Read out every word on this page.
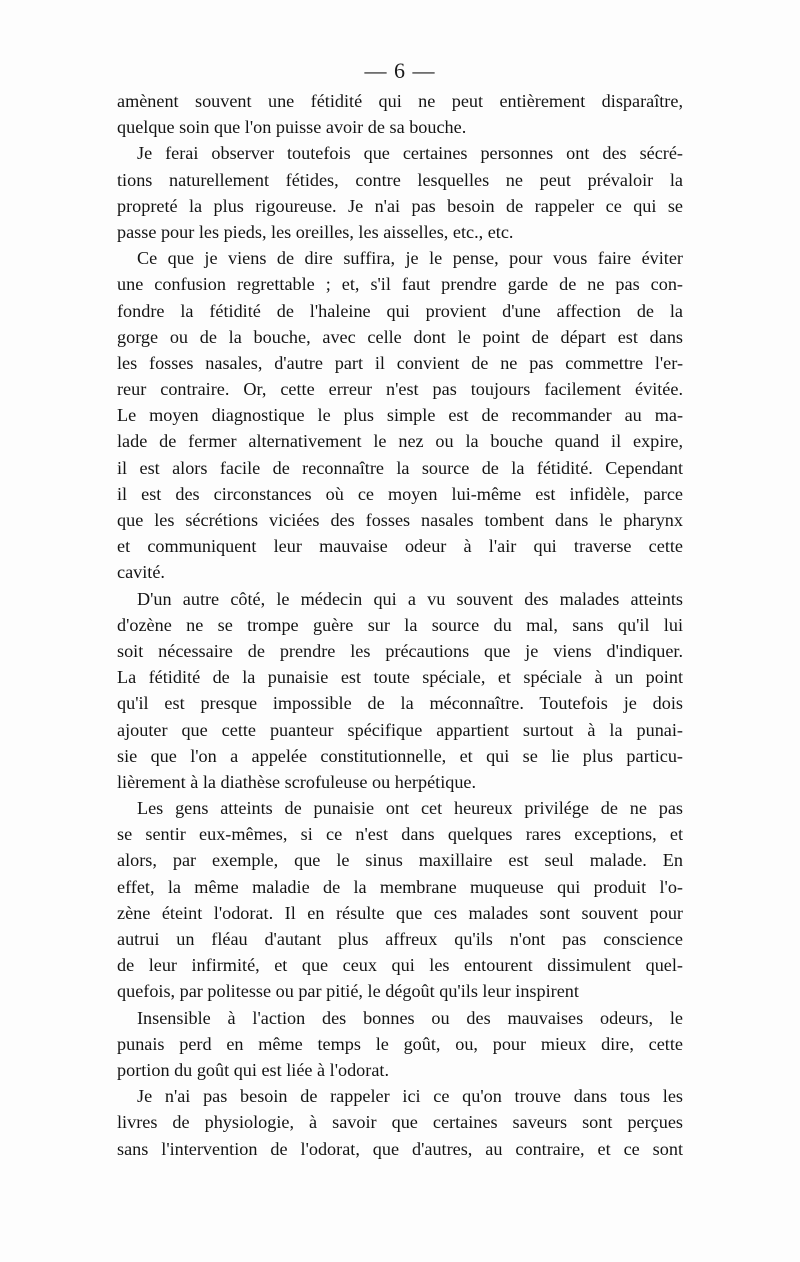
— 6 —
amènent souvent une fétidité qui ne peut entièrement disparaître,
quelque soin que l'on puisse avoir de sa bouche.
Je ferai observer toutefois que certaines personnes ont des sécré-
tions naturellement fétides, contre lesquelles ne peut prévaloir la
propreté la plus rigoureuse. Je n'ai pas besoin de rappeler ce qui se
passe pour les pieds, les oreilles, les aisselles, etc., etc.
Ce que je viens de dire suffira, je le pense, pour vous faire éviter
une confusion regrettable ; et, s'il faut prendre garde de ne pas con-
fondre la fétidité de l'haleine qui provient d'une affection de la
gorge ou de la bouche, avec celle dont le point de départ est dans
les fosses nasales, d'autre part il convient de ne pas commettre l'er-
reur contraire. Or, cette erreur n'est pas toujours facilement évitée.
Le moyen diagnostique le plus simple est de recommander au ma-
lade de fermer alternativement le nez ou la bouche quand il expire,
il est alors facile de reconnaître la source de la fétidité. Cependant
il est des circonstances où ce moyen lui-même est infidèle, parce
que les sécrétions viciées des fosses nasales tombent dans le pharynx
et communiquent leur mauvaise odeur à l'air qui traverse cette
cavité.
D'un autre côté, le médecin qui a vu souvent des malades atteints
d'ozène ne se trompe guère sur la source du mal, sans qu'il lui
soit nécessaire de prendre les précautions que je viens d'indiquer.
La fétidité de la punaisie est toute spéciale, et spéciale à un point
qu'il est presque impossible de la méconnaître. Toutefois je dois
ajouter que cette puanteur spécifique appartient surtout à la punai-
sie que l'on a appelée constitutionnelle, et qui se lie plus particu-
lièrement à la diathèse scrofuleuse ou herpétique.
Les gens atteints de punaisie ont cet heureux privilége de ne pas
se sentir eux-mêmes, si ce n'est dans quelques rares exceptions, et
alors, par exemple, que le sinus maxillaire est seul malade. En
effet, la même maladie de la membrane muqueuse qui produit l'o-
zène éteint l'odorat. Il en résulte que ces malades sont souvent pour
autrui un fléau d'autant plus affreux qu'ils n'ont pas conscience
de leur infirmité, et que ceux qui les entourent dissimulent quel-
quefois, par politesse ou par pitié, le dégoût qu'ils leur inspirent
Insensible à l'action des bonnes ou des mauvaises odeurs, le
punais perd en même temps le goût, ou, pour mieux dire, cette
portion du goût qui est liée à l'odorat.
Je n'ai pas besoin de rappeler ici ce qu'on trouve dans tous les
livres de physiologie, à savoir que certaines saveurs sont perçues
sans l'intervention de l'odorat, que d'autres, au contraire, et ce sont
